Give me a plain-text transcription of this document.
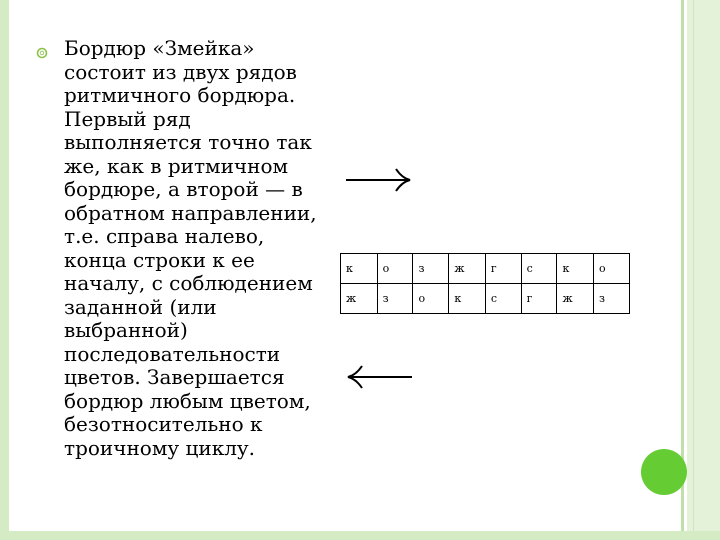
Бордюр «Змейка»
состоит из двух рядов
ритмичного бордюра.
Первый ряд
выполняется точно так
же, как в ритмичном
бордюре, а второй — в
обратном направлении,
т.е. справа налево,
конца строки к ее
началу, с соблюдением
заданной (или
выбранной)
последовательности
цветов. Завершается
бордюр любым цветом,
безотносительно к
троичному циклу.
к	о	з	ж	г	с	к	о
ж	з	о	к	с	г	ж	з
